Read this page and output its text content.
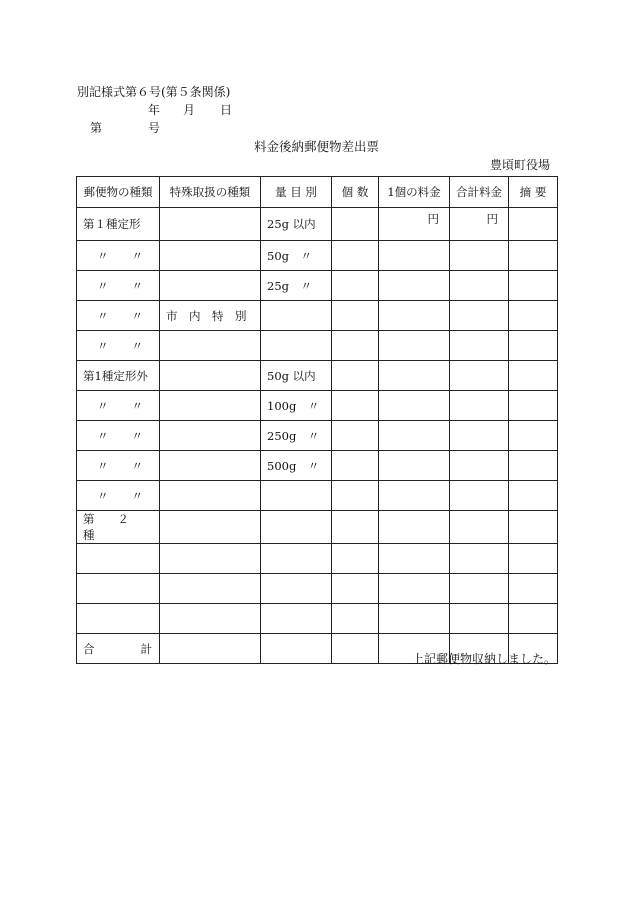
別記様式第６号(第５条関係)
年 月 日
第	号
料金後納郵便物差出票
豊頃町役場
郵便物の種類	特殊取扱の種類	量 目 別	個 数	1個の料金	合計料金	摘 要
第１種定形		25g 以内		円	円	
〃　　〃		50g　〃				
〃　　〃		25g　〃				
〃　　〃	市　内　特　別					
〃　　〃						
第1種定形外		50g 以内				
〃　　〃		100g　〃				
〃　　〃		250g　〃				
〃　　〃		500g　〃				
〃　　〃						
第　　２　　種						

合　　　　計						
上記郵便物収納しました。
